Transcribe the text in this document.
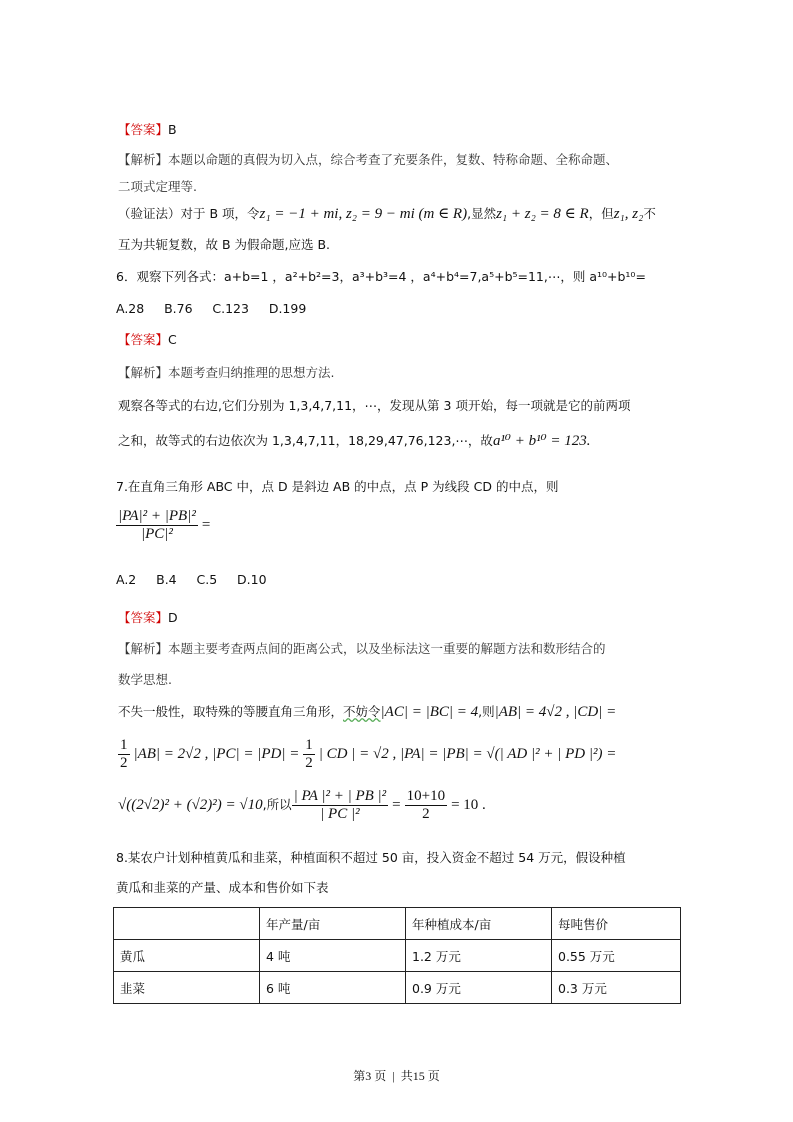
【答案】B
【解析】本题以命题的真假为切入点，综合考查了充要条件，复数、特称命题、全称命题、
二项式定理等.
（验证法）对于 B 项，令z₁ = −1 + mi, z₂ = 9 − mi (m ∈ R),显然z₁ + z₂ = 8 ∈ R，但z₁, z₂不
互为共轭复数，故 B 为假命题,应选 B.
6．观察下列各式：a+b=1 ，a²+b²=3，a³+b³=4 ，a⁴+b⁴=7,a⁵+b⁵=11,⋯，则 a¹⁰+b¹⁰=
A.28     B.76     C.123     D.199
【答案】C
【解析】本题考查归纳推理的思想方法.
观察各等式的右边,它们分别为 1,3,4,7,11，⋯，发现从第 3 项开始，每一项就是它的前两项
之和，故等式的右边依次为 1,3,4,7,11，18,29,47,76,123,⋯，故a¹⁰ + b¹⁰ = 123.
7.在直角三角形 ABC 中，点 D 是斜边 AB 的中点，点 P 为线段 CD 的中点，则
$\frac{\text{|PA|² + |PB|²}}{\text{|PC|²}}$ =
A.2     B.4     C.5     D.10
【答案】D
【解析】本题主要考查两点间的距离公式，以及坐标法这一重要的解题方法和数形结合的
数学思想.
不失一般性，取特殊的等腰直角三角形，不妨令|AC| = |BC| = 4,则|AB| = 4√2 , |CD| =
$\frac{1}{2} |AB| = 2√2$ , $|PC| = |PD| = \frac{1}{2}$ | CD | = √2 , |PA| = |PB| = √(| AD |² + | PD |²) =
√((2√2)² + (√2)²) = √10,所以 $\frac{\text{| PA |² + | PB |²}}{\text{| PC |²}} = \frac{10+10}{2} = 10$ .
8.某农户计划种植黄瓜和韭菜，种植面积不超过 50 亩，投入资金不超过 54 万元，假设种植
黄瓜和韭菜的产量、成本和售价如下表
	年产量/亩	年种植成本/亩	每吨售价
黄瓜	4 吨	1.2 万元	0.55 万元
韭菜	6 吨	0.9 万元	0.3 万元
第3 页  |  共15 页
